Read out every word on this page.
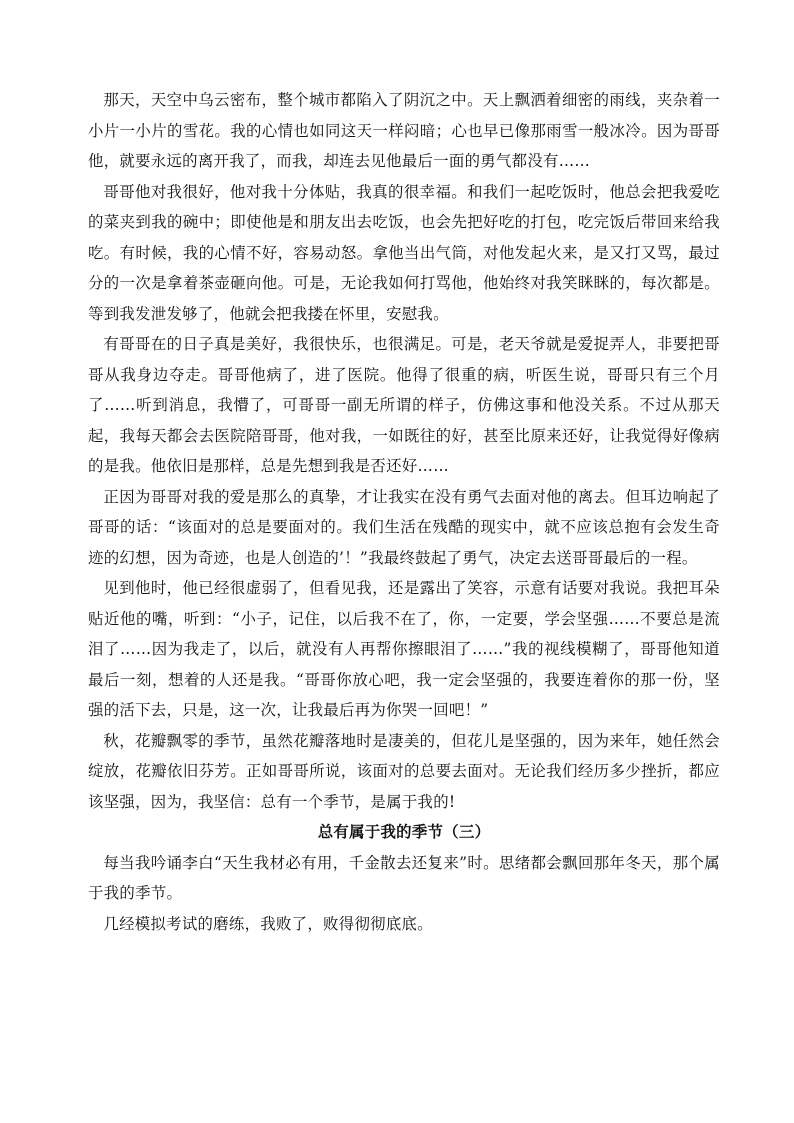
那天，天空中乌云密布，整个城市都陷入了阴沉之中。天上飘洒着细密的雨线，夹杂着一小片一小片的雪花。我的心情也如同这天一样闷暗；心也早已像那雨雪一般冰冷。因为哥哥他，就要永远的离开我了，而我，却连去见他最后一面的勇气都没有……

哥哥他对我很好，他对我十分体贴，我真的很幸福。和我们一起吃饭时，他总会把我爱吃的菜夹到我的碗中；即使他是和朋友出去吃饭，也会先把好吃的打包，吃完饭后带回来给我吃。有时候，我的心情不好，容易动怒。拿他当出气筒，对他发起火来，是又打又骂，最过分的一次是拿着茶壶砸向他。可是，无论我如何打骂他，他始终对我笑眯眯的，每次都是。等到我发泄发够了，他就会把我搂在怀里，安慰我。

有哥哥在的日子真是美好，我很快乐，也很满足。可是，老天爷就是爱捉弄人，非要把哥哥从我身边夺走。哥哥他病了，进了医院。他得了很重的病，听医生说，哥哥只有三个月了……听到消息，我懵了，可哥哥一副无所谓的样子，仿佛这事和他没关系。不过从那天起，我每天都会去医院陪哥哥，他对我，一如既往的好，甚至比原来还好，让我觉得好像病的是我。他依旧是那样，总是先想到我是否还好……

正因为哥哥对我的爱是那么的真挚，才让我实在没有勇气去面对他的离去。但耳边响起了哥哥的话：“该面对的总是要面对的。我们生活在残酷的现实中，就不应该总抱有会发生奇迹的幻想，因为奇迹，也是人创造的’！”我最终鼓起了勇气，决定去送哥哥最后的一程。

见到他时，他已经很虚弱了，但看见我，还是露出了笑容，示意有话要对我说。我把耳朵贴近他的嘴，听到：“小子，记住，以后我不在了，你，一定要，学会坚强……不要总是流泪了……因为我走了，以后，就没有人再帮你擦眼泪了……”我的视线模糊了，哥哥他知道最后一刻，想着的人还是我。“哥哥你放心吧，我一定会坚强的，我要连着你的那一份，坚强的活下去，只是，这一次，让我最后再为你哭一回吧！”

秋，花瓣飘零的季节，虽然花瓣落地时是凄美的，但花儿是坚强的，因为来年，她任然会绽放，花瓣依旧芬芳。正如哥哥所说，该面对的总要去面对。无论我们经历多少挫折，都应该坚强，因为，我坚信：总有一个季节，是属于我的!

总有属于我的季节（三）

每当我吟诵李白“天生我材必有用，千金散去还复来”时。思绪都会飘回那年冬天，那个属于我的季节。

几经模拟考试的磨练，我败了，败得彻彻底底。
